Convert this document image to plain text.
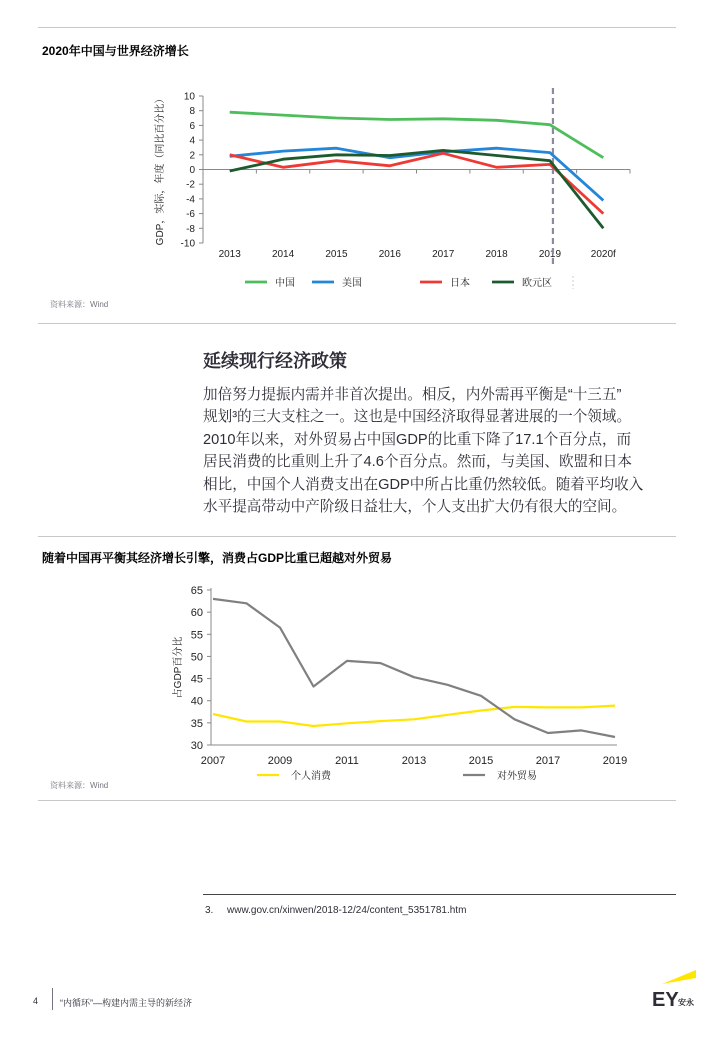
2020年中国与世界经济增长
10
8
6
4
2
0
-2
-4
-6
-8
-10
2013	2014	2015	2016	2017	2018	2019	2020f
GDP，实际，年度（同比百分比）
中国	美国	日本	欧元区
资料来源：Wind
延续现行经济政策

加倍努力提振内需并非首次提出。相反，内外需再平衡是“十三五”

规划³的三大支柱之一。这也是中国经济取得显著进展的一个领域。

2010年以来，对外贸易占中国GDP的比重下降了17.1个百分点，而

居民消费的比重则上升了4.6个百分点。然而，与美国、欧盟和日本

相比，中国个人消费支出在GDP中所占比重仍然较低。随着平均收入

水平提高带动中产阶级日益壮大，个人支出扩大仍有很大的空间。

随着中国再平衡其经济增长引擎，消费占GDP比重已超越对外贸易
65
60
55
50
45
40
35
30
2007	2009	2011	2013	2015	2017	2019
占GDP百分比
个人消费	对外贸易
资料来源：Wind
3. www.gov.cn/xinwen/2018-12/24/content_5351781.htm
4 “内循环”—构建内需主导的新经济	EY 安永
